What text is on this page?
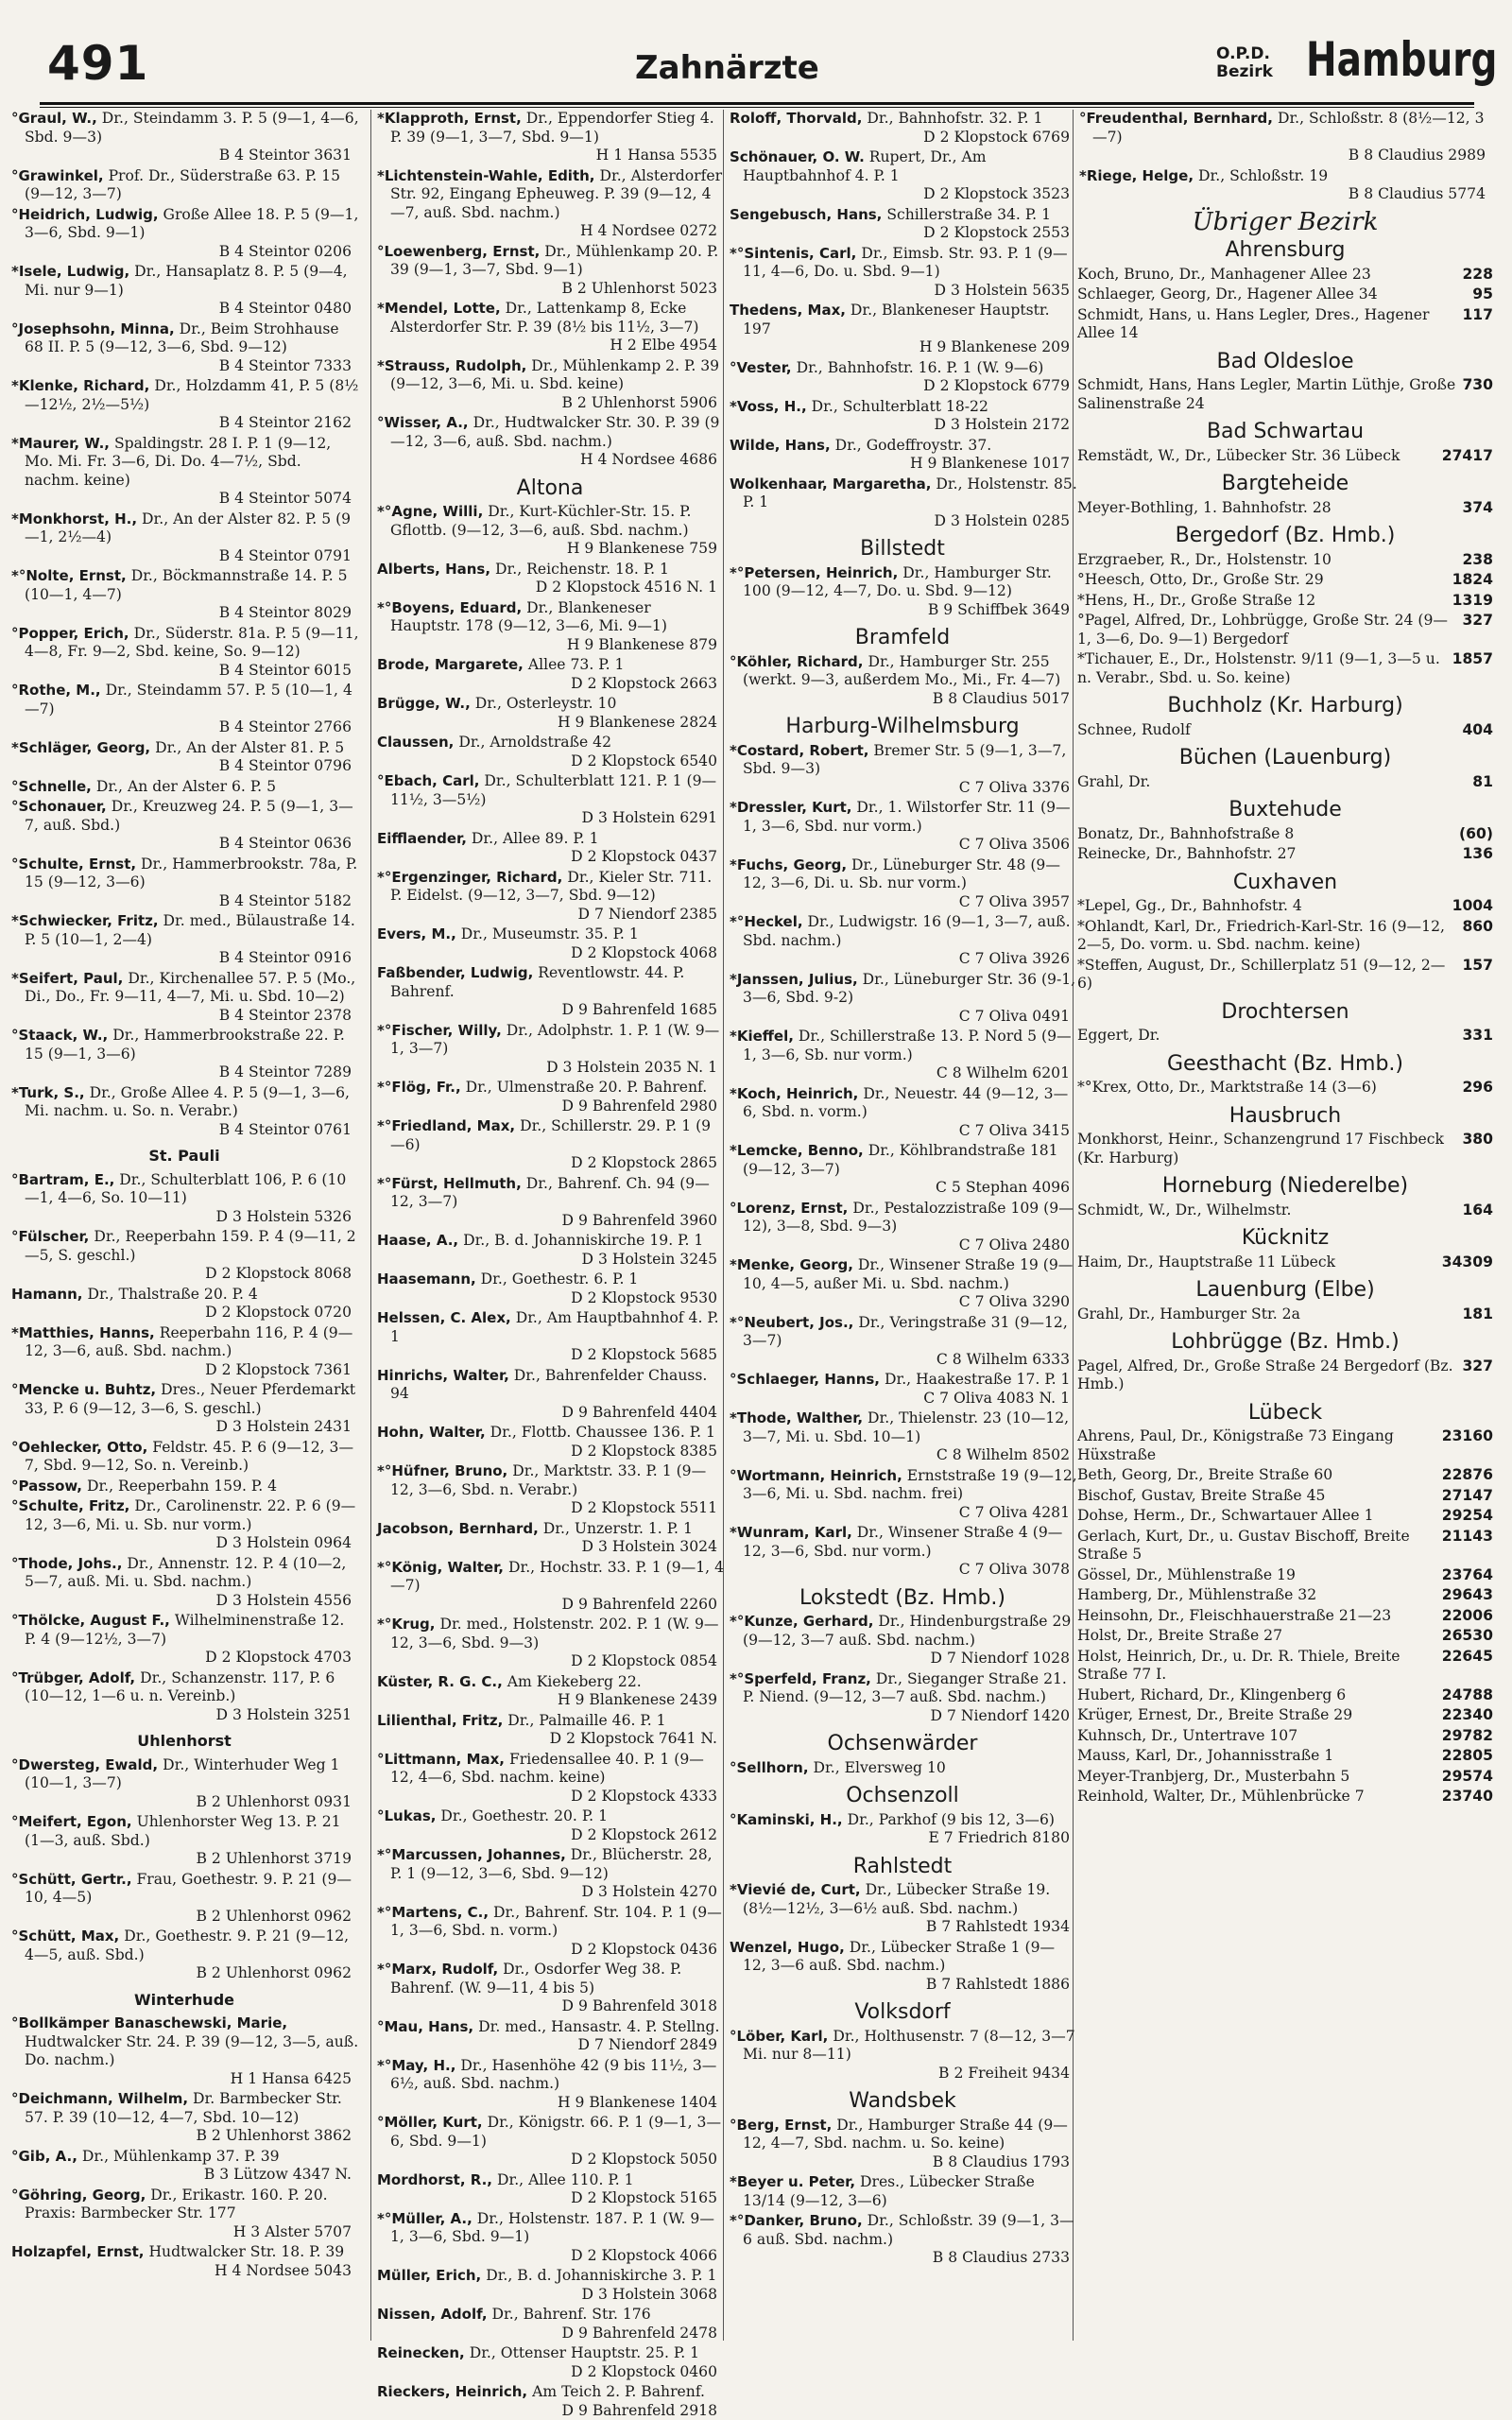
491	Zahnärzte	O.P.D.
Bezirk Hamburg
°Graul, W., Dr., Steindamm 3. P. 5 (9—1, 4—6, Sbd. 9—3)
B 4 Steintor 3631
°Grawinkel, Prof. Dr., Süderstraße 63. P. 15 (9—12, 3—7)
°Heidrich, Ludwig, Große Allee 18. P. 5 (9—1, 3—6, Sbd. 9—1)
B 4 Steintor 0206
*Isele, Ludwig, Dr., Hansaplatz 8. P. 5 (9—4, Mi. nur 9—1)
B 4 Steintor 0480
°Josephsohn, Minna, Dr., Beim Strohhause 68 II. P. 5 (9—12, 3—6, Sbd. 9—12)
B 4 Steintor 7333
*Klenke, Richard, Dr., Holzdamm 41, P. 5 (8½—12½, 2½—5½)
B 4 Steintor 2162
*Maurer, W., Spaldingstr. 28 I. P. 1 (9—12, Mo. Mi. Fr. 3—6, Di. Do. 4—7½, Sbd. nachm. keine)
B 4 Steintor 5074
*Monkhorst, H., Dr., An der Alster 82. P. 5 (9—1, 2½—4)
B 4 Steintor 0791
*°Nolte, Ernst, Dr., Böckmannstraße 14. P. 5 (10—1, 4—7)
B 4 Steintor 8029
°Popper, Erich, Dr., Süderstr. 81a. P. 5 (9—11, 4—8, Fr. 9—2, Sbd. keine, So. 9—12)
B 4 Steintor 6015
°Rothe, M., Dr., Steindamm 57. P. 5 (10—1, 4—7)
B 4 Steintor 2766
*Schläger, Georg, Dr., An der Alster 81. P. 5
B 4 Steintor 0796
°Schnelle, Dr., An der Alster 6. P. 5
°Schonauer, Dr., Kreuzweg 24. P. 5 (9—1, 3—7, auß. Sbd.)
B 4 Steintor 0636
°Schulte, Ernst, Dr., Hammerbrookstr. 78a, P. 15 (9—12, 3—6)
B 4 Steintor 5182
*Schwiecker, Fritz, Dr. med., Bülaustraße 14. P. 5 (10—1, 2—4)
B 4 Steintor 0916
*Seifert, Paul, Dr., Kirchenallee 57. P. 5 (Mo., Di., Do., Fr. 9—11, 4—7, Mi. u. Sbd. 10—2)
B 4 Steintor 2378
°Staack, W., Dr., Hammerbrookstraße 22. P. 15 (9—1, 3—6)
B 4 Steintor 7289
*Turk, S., Dr., Große Allee 4. P. 5 (9—1, 3—6, Mi. nachm. u. So. n. Verabr.)
B 4 Steintor 0761
St. Pauli
°Bartram, E., Dr., Schulterblatt 106, P. 6 (10—1, 4—6, So. 10—11)
D 3 Holstein 5326
°Fülscher, Dr., Reeperbahn 159. P. 4 (9—11, 2—5, S. geschl.)
D 2 Klopstock 8068
Hamann, Dr., Thalstraße 20. P. 4
D 2 Klopstock 0720
*Matthies, Hanns, Reeperbahn 116, P. 4 (9—12, 3—6, auß. Sbd. nachm.)
D 2 Klopstock 7361
°Mencke u. Buhtz, Dres., Neuer Pferdemarkt 33, P. 6 (9—12, 3—6, S. geschl.)
D 3 Holstein 2431
°Oehlecker, Otto, Feldstr. 45. P. 6 (9—12, 3—7, Sbd. 9—12, So. n. Vereinb.)
°Passow, Dr., Reeperbahn 159. P. 4
°Schulte, Fritz, Dr., Carolinenstr. 22. P. 6 (9—12, 3—6, Mi. u. Sb. nur vorm.)
D 3 Holstein 0964
°Thode, Johs., Dr., Annenstr. 12. P. 4 (10—2, 5—7, auß. Mi. u. Sbd. nachm.)
D 3 Holstein 4556
°Thölcke, August F., Wilhelminenstraße 12. P. 4 (9—12½, 3—7)
D 2 Klopstock 4703
°Trübger, Adolf, Dr., Schanzenstr. 117, P. 6 (10—12, 1—6 u. n. Vereinb.)
D 3 Holstein 3251
Uhlenhorst
°Dwersteg, Ewald, Dr., Winterhuder Weg 1 (10—1, 3—7)
B 2 Uhlenhorst 0931
°Meifert, Egon, Uhlenhorster Weg 13. P. 21 (1—3, auß. Sbd.)
B 2 Uhlenhorst 3719
°Schütt, Gertr., Frau, Goethestr. 9. P. 21 (9—10, 4—5)
B 2 Uhlenhorst 0962
°Schütt, Max, Dr., Goethestr. 9. P. 21 (9—12, 4—5, auß. Sbd.)
B 2 Uhlenhorst 0962
Winterhude
°Bollkämper Banaschewski, Marie, Hudtwalcker Str. 24. P. 39 (9—12, 3—5, auß. Do. nachm.)
H 1 Hansa 6425
°Deichmann, Wilhelm, Dr. Barmbecker Str. 57. P. 39 (10—12, 4—7, Sbd. 10—12)
B 2 Uhlenhorst 3862
°Gib, A., Dr., Mühlenkamp 37. P. 39
B 3 Lützow 4347 N.
°Göhring, Georg, Dr., Erikastr. 160. P. 20. Praxis: Barmbecker Str. 177
H 3 Alster 5707
Holzapfel, Ernst, Hudtwalcker Str. 18. P. 39
H 4 Nordsee 5043
*Klapproth, Ernst, Dr., Eppendorfer Stieg 4. P. 39 (9—1, 3—7, Sbd. 9—1)
H 1 Hansa 5535
*Lichtenstein-Wahle, Edith, Dr., Alsterdorfer Str. 92, Eingang Epheuweg. P. 39 (9—12, 4—7, auß. Sbd. nachm.)
H 4 Nordsee 0272
°Loewenberg, Ernst, Dr., Mühlenkamp 20. P. 39 (9—1, 3—7, Sbd. 9—1)
B 2 Uhlenhorst 5023
*Mendel, Lotte, Dr., Lattenkamp 8, Ecke Alsterdorfer Str. P. 39 (8½ bis 11½, 3—7)
H 2 Elbe 4954
*Strauss, Rudolph, Dr., Mühlenkamp 2. P. 39 (9—12, 3—6, Mi. u. Sbd. keine)
B 2 Uhlenhorst 5906
°Wisser, A., Dr., Hudtwalcker Str. 30. P. 39 (9—12, 3—6, auß. Sbd. nachm.)
H 4 Nordsee 4686
Altona
*°Agne, Willi, Dr., Kurt-Küchler-Str. 15. P. Gflottb. (9—12, 3—6, auß. Sbd. nachm.)
H 9 Blankenese 759
Alberts, Hans, Dr., Reichenstr. 18. P. 1
D 2 Klopstock 4516 N. 1
*°Boyens, Eduard, Dr., Blankeneser Hauptstr. 178 (9—12, 3—6, Mi. 9—1)
H 9 Blankenese 879
Brode, Margarete, Allee 73. P. 1
D 2 Klopstock 2663
Brügge, W., Dr., Osterleystr. 10
H 9 Blankenese 2824
Claussen, Dr., Arnoldstraße 42
D 2 Klopstock 6540
°Ebach, Carl, Dr., Schulterblatt 121. P. 1 (9—11½, 3—5½)
D 3 Holstein 6291
Eifflaender, Dr., Allee 89. P. 1
D 2 Klopstock 0437
*°Ergenzinger, Richard, Dr., Kieler Str. 711. P. Eidelst. (9—12, 3—7, Sbd. 9—12)
D 7 Niendorf 2385
Evers, M., Dr., Museumstr. 35. P. 1
D 2 Klopstock 4068
Faßbender, Ludwig, Reventlowstr. 44. P. Bahrenf.
D 9 Bahrenfeld 1685
*°Fischer, Willy, Dr., Adolphstr. 1. P. 1 (W. 9—1, 3—7)
D 3 Holstein 2035 N. 1
*°Flög, Fr., Dr., Ulmenstraße 20. P. Bahrenf.
D 9 Bahrenfeld 2980
*°Friedland, Max, Dr., Schillerstr. 29. P. 1 (9—6)
D 2 Klopstock 2865
*°Fürst, Hellmuth, Dr., Bahrenf. Ch. 94 (9—12, 3—7)
D 9 Bahrenfeld 3960
Haase, A., Dr., B. d. Johanniskirche 19. P. 1
D 3 Holstein 3245
Haasemann, Dr., Goethestr. 6. P. 1
D 2 Klopstock 9530
Helssen, C. Alex, Dr., Am Hauptbahnhof 4. P. 1
D 2 Klopstock 5685
Hinrichs, Walter, Dr., Bahrenfelder Chauss. 94
D 9 Bahrenfeld 4404
Hohn, Walter, Dr., Flottb. Chaussee 136. P. 1
D 2 Klopstock 8385
*°Hüfner, Bruno, Dr., Marktstr. 33. P. 1 (9—12, 3—6, Sbd. n. Verabr.)
D 2 Klopstock 5511
Jacobson, Bernhard, Dr., Unzerstr. 1. P. 1
D 3 Holstein 3024
*°König, Walter, Dr., Hochstr. 33. P. 1 (9—1, 4—7)
D 9 Bahrenfeld 2260
*°Krug, Dr. med., Holstenstr. 202. P. 1 (W. 9—12, 3—6, Sbd. 9—3)
D 2 Klopstock 0854
Küster, R. G. C., Am Kiekeberg 22.
H 9 Blankenese 2439
Lilienthal, Fritz, Dr., Palmaille 46. P. 1
D 2 Klopstock 7641 N.
°Littmann, Max, Friedensallee 40. P. 1 (9—12, 4—6, Sbd. nachm. keine)
D 2 Klopstock 4333
°Lukas, Dr., Goethestr. 20. P. 1
D 2 Klopstock 2612
*°Marcussen, Johannes, Dr., Blücherstr. 28, P. 1 (9—12, 3—6, Sbd. 9—12)
D 3 Holstein 4270
*°Martens, C., Dr., Bahrenf. Str. 104. P. 1 (9—1, 3—6, Sbd. n. vorm.)
D 2 Klopstock 0436
*°Marx, Rudolf, Dr., Osdorfer Weg 38. P. Bahrenf. (W. 9—11, 4 bis 5)
D 9 Bahrenfeld 3018
°Mau, Hans, Dr. med., Hansastr. 4. P. Stellng.
D 7 Niendorf 2849
*°May, H., Dr., Hasenhöhe 42 (9 bis 11½, 3—6½, auß. Sbd. nachm.)
H 9 Blankenese 1404
°Möller, Kurt, Dr., Königstr. 66. P. 1 (9—1, 3—6, Sbd. 9—1)
D 2 Klopstock 5050
Mordhorst, R., Dr., Allee 110. P. 1
D 2 Klopstock 5165
*°Müller, A., Dr., Holstenstr. 187. P. 1 (W. 9—1, 3—6, Sbd. 9—1)
D 2 Klopstock 4066
Müller, Erich, Dr., B. d. Johanniskirche 3. P. 1
D 3 Holstein 3068
Nissen, Adolf, Dr., Bahrenf. Str. 176
D 9 Bahrenfeld 2478
Reinecken, Dr., Ottenser Hauptstr. 25. P. 1
D 2 Klopstock 0460
Rieckers, Heinrich, Am Teich 2. P. Bahrenf.
D 9 Bahrenfeld 2918
Roloff, Thorvald, Dr., Bahnhofstr. 32. P. 1
D 2 Klopstock 6769
Schönauer, O. W. Rupert, Dr., Am Hauptbahnhof 4. P. 1
D 2 Klopstock 3523
Sengebusch, Hans, Schillerstraße 34. P. 1
D 2 Klopstock 2553
*°Sintenis, Carl, Dr., Eimsb. Str. 93. P. 1 (9—11, 4—6, Do. u. Sbd. 9—1)
D 3 Holstein 5635
Thedens, Max, Dr., Blankeneser Hauptstr. 197
H 9 Blankenese 209
°Vester, Dr., Bahnhofstr. 16. P. 1 (W. 9—6)
D 2 Klopstock 6779
*Voss, H., Dr., Schulterblatt 18-22
D 3 Holstein 2172
Wilde, Hans, Dr., Godeffroystr. 37.
H 9 Blankenese 1017
Wolkenhaar, Margaretha, Dr., Holstenstr. 85. P. 1
D 3 Holstein 0285
Billstedt
*°Petersen, Heinrich, Dr., Hamburger Str. 100 (9—12, 4—7, Do. u. Sbd. 9—12)
B 9 Schiffbek 3649
Bramfeld
°Köhler, Richard, Dr., Hamburger Str. 255 (werkt. 9—3, außerdem Mo., Mi., Fr. 4—7)
B 8 Claudius 5017
Harburg-Wilhelmsburg
*Costard, Robert, Bremer Str. 5 (9—1, 3—7, Sbd. 9—3)
C 7 Oliva 3376
*Dressler, Kurt, Dr., 1. Wilstorfer Str. 11 (9—1, 3—6, Sbd. nur vorm.)
C 7 Oliva 3506
*Fuchs, Georg, Dr., Lüneburger Str. 48 (9—12, 3—6, Di. u. Sb. nur vorm.)
C 7 Oliva 3957
*°Heckel, Dr., Ludwigstr. 16 (9—1, 3—7, auß. Sbd. nachm.)
C 7 Oliva 3926
*Janssen, Julius, Dr., Lüneburger Str. 36 (9-1, 3—6, Sbd. 9-2)
C 7 Oliva 0491
*Kieffel, Dr., Schillerstraße 13. P. Nord 5 (9—1, 3—6, Sb. nur vorm.)
C 8 Wilhelm 6201
*Koch, Heinrich, Dr., Neuestr. 44 (9—12, 3—6, Sbd. n. vorm.)
C 7 Oliva 3415
*Lemcke, Benno, Dr., Köhlbrandstraße 181 (9—12, 3—7)
C 5 Stephan 4096
°Lorenz, Ernst, Dr., Pestalozzistraße 109 (9—12), 3—8, Sbd. 9—3)
C 7 Oliva 2480
*Menke, Georg, Dr., Winsener Straße 19 (9—10, 4—5, außer Mi. u. Sbd. nachm.)
C 7 Oliva 3290
*°Neubert, Jos., Dr., Veringstraße 31 (9—12, 3—7)
C 8 Wilhelm 6333
°Schlaeger, Hanns, Dr., Haakestraße 17. P. 1
C 7 Oliva 4083 N. 1
*Thode, Walther, Dr., Thielenstr. 23 (10—12, 3—7, Mi. u. Sbd. 10—1)
C 8 Wilhelm 8502
°Wortmann, Heinrich, Ernststraße 19 (9—12, 3—6, Mi. u. Sbd. nachm. frei)
C 7 Oliva 4281
*Wunram, Karl, Dr., Winsener Straße 4 (9—12, 3—6, Sbd. nur vorm.)
C 7 Oliva 3078
Lokstedt (Bz. Hmb.)
*°Kunze, Gerhard, Dr., Hindenburgstraße 29 (9—12, 3—7 auß. Sbd. nachm.)
D 7 Niendorf 1028
*°Sperfeld, Franz, Dr., Sieganger Straße 21. P. Niend. (9—12, 3—7 auß. Sbd. nachm.)
D 7 Niendorf 1420
Ochsenwärder
°Sellhorn, Dr., Elversweg 10
Ochsenzoll
°Kaminski, H., Dr., Parkhof (9 bis 12, 3—6)
E 7 Friedrich 8180
Rahlstedt
*Vievié de, Curt, Dr., Lübecker Straße 19. (8½—12½, 3—6½ auß. Sbd. nachm.)
B 7 Rahlstedt 1934
Wenzel, Hugo, Dr., Lübecker Straße 1 (9—12, 3—6 auß. Sbd. nachm.)
B 7 Rahlstedt 1886
Volksdorf
°Löber, Karl, Dr., Holthusenstr. 7 (8—12, 3—7 Mi. nur 8—11)
B 2 Freiheit 9434
Wandsbek
°Berg, Ernst, Dr., Hamburger Straße 44 (9—12, 4—7, Sbd. nachm. u. So. keine)
B 8 Claudius 1793
*Beyer u. Peter, Dres., Lübecker Straße 13/14 (9—12, 3—6)
*°Danker, Bruno, Dr., Schloßstr. 39 (9—1, 3—6 auß. Sbd. nachm.)
B 8 Claudius 2733
°Freudenthal, Bernhard, Dr., Schloßstr. 8 (8½—12, 3—7)
B 8 Claudius 2989
*Riege, Helge, Dr., Schloßstr. 19
B 8 Claudius 5774
Übriger Bezirk
Ahrensburg
Koch, Bruno, Dr., Manhagener Allee 23	228
Schlaeger, Georg, Dr., Hagener Allee 34	95
Schmidt, Hans, u. Hans Legler, Dres., Hagener Allee 14
117
Bad Oldesloe
Schmidt, Hans, Hans Legler, Martin Lüthje, Große Salinenstraße 24
730
Bad Schwartau
Remstädt, W., Dr., Lübecker Str. 36 Lübeck	27417
Bargteheide
Meyer-Bothling, 1. Bahnhofstr. 28	374
Bergedorf (Bz. Hmb.)
Erzgraeber, R., Dr., Holstenstr. 10	238
°Heesch, Otto, Dr., Große Str. 29	1824
*Hens, H., Dr., Große Straße 12	1319
°Pagel, Alfred, Dr., Lohbrügge, Große Str. 24 (9—1, 3—6, Do. 9—1) Bergedorf
327
*Tichauer, E., Dr., Holstenstr. 9/11 (9—1, 3—5 u. n. Verabr., Sbd. u. So. keine)
1857
Buchholz (Kr. Harburg)
Schnee, Rudolf	404
Büchen (Lauenburg)
Grahl, Dr.	81
Buxtehude
Bonatz, Dr., Bahnhofstraße 8	(60)
Reinecke, Dr., Bahnhofstr. 27	136
Cuxhaven
*Lepel, Gg., Dr., Bahnhofstr. 4	1004
*Ohlandt, Karl, Dr., Friedrich-Karl-Str. 16 (9—12, 2—5, Do. vorm. u. Sbd. nachm. keine)
860
*Steffen, August, Dr., Schillerplatz 51 (9—12, 2—6)
157
Drochtersen
Eggert, Dr.	331
Geesthacht (Bz. Hmb.)
*°Krex, Otto, Dr., Marktstraße 14 (3—6)	296
Hausbruch
Monkhorst, Heinr., Schanzengrund 17 Fischbeck (Kr. Harburg)
380
Horneburg (Niederelbe)
Schmidt, W., Dr., Wilhelmstr.	164
Kücknitz
Haim, Dr., Hauptstraße 11 Lübeck	34309
Lauenburg (Elbe)
Grahl, Dr., Hamburger Str. 2a	181
Lohbrügge (Bz. Hmb.)
Pagel, Alfred, Dr., Große Straße 24 Bergedorf (Bz. Hmb.)
327
Lübeck
Ahrens, Paul, Dr., Königstraße 73 Eingang Hüxstraße
23160
Beth, Georg, Dr., Breite Straße 60	22876
Bischof, Gustav, Breite Straße 45	27147
Dohse, Herm., Dr., Schwartauer Allee 1	29254
Gerlach, Kurt, Dr., u. Gustav Bischoff, Breite Straße 5
21143
Gössel, Dr., Mühlenstraße 19	23764
Hamberg, Dr., Mühlenstraße 32	29643
Heinsohn, Dr., Fleischhauerstraße 21—23	22006
Holst, Dr., Breite Straße 27	26530
Holst, Heinrich, Dr., u. Dr. R. Thiele, Breite Straße 77 I.
22645
Hubert, Richard, Dr., Klingenberg 6	24788
Krüger, Ernest, Dr., Breite Straße 29	22340
Kuhnsch, Dr., Untertrave 107	29782
Mauss, Karl, Dr., Johannisstraße 1	22805
Meyer-Tranbjerg, Dr., Musterbahn 5	29574
Reinhold, Walter, Dr., Mühlenbrücke 7	23740
